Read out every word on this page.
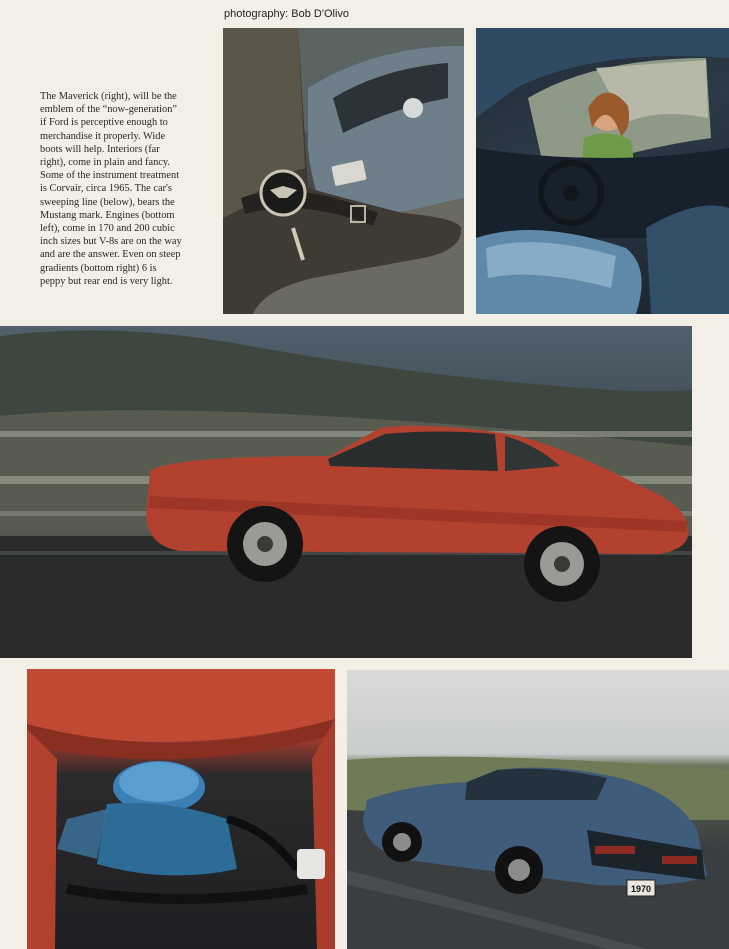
photography: Bob D'Olivo

The Maverick (right), will be the

emblem of the “now-generation”

if Ford is perceptive enough to

merchandise it properly. Wide

boots will help. Interiors (far

right), come in plain and fancy.

Some of the instrument treatment

is Corvair, circa 1965. The car's

sweeping line (below), bears the

Mustang mark. Engines (bottom

left), come in 170 and 200 cubic

inch sizes but V-8s are on the way

and are the answer. Even on steep

gradients (bottom right) 6 is

peppy but rear end is very light.

1970
